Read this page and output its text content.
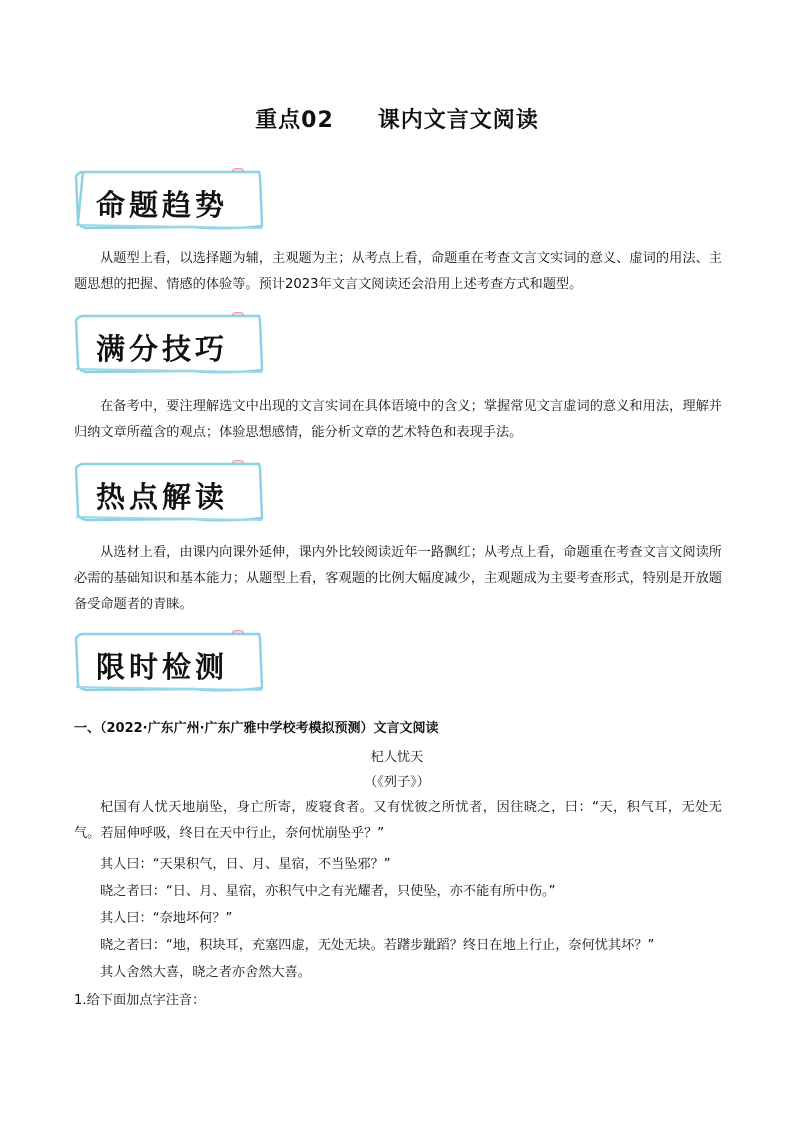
重点02 课内文言文阅读
命题趋势
从题型上看，以选择题为辅，主观题为主；从考点上看，命题重在考查文言文实词的意义、虚词的用法、主题思想的把握、情感的体验等。预计2023年文言文阅读还会沿用上述考查方式和题型。
满分技巧
在备考中，要注理解选文中出现的文言实词在具体语境中的含义；掌握常见文言虚词的意义和用法，理解并归纳文章所蕴含的观点；体验思想感情，能分析文章的艺术特色和表现手法。
热点解读
从选材上看，由课内向课外延伸，课内外比较阅读近年一路飘红；从考点上看，命题重在考查文言文阅读所必需的基础知识和基本能力；从题型上看，客观题的比例大幅度减少，主观题成为主要考查形式，特别是开放题备受命题者的青睐。
限时检测
一、（2022·广东广州·广东广雅中学校考模拟预测）文言文阅读
杞人忧天
（《列子》）
杞国有人忧天地崩坠，身亡所寄，废寝食者。又有忧彼之所忧者，因往晓之，曰：“天，积气耳，无处无气。若屈伸呼吸，终日在天中行止，奈何忧崩坠乎？”
其人曰：“天果积气，日、月、星宿，不当坠邪？”
晓之者曰：“日、月、星宿，亦积气中之有光耀者，只使坠，亦不能有所中伤。”
其人曰：“奈地坏何？”
晓之者曰：“地，积块耳，充塞四虚，无处无块。若躇步跐蹈？终日在地上行止，奈何忧其坏？”
其人舍然大喜，晓之者亦舍然大喜。
1.给下面加点字注音：
